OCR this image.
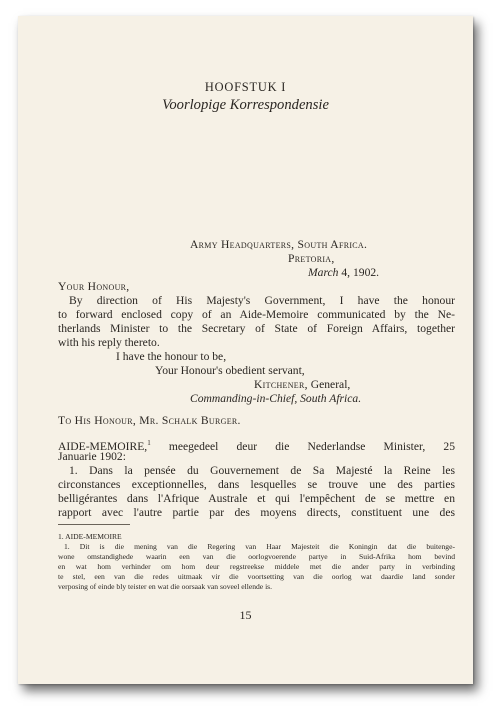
HOOFSTUK I
Voorlopige Korrespondensie
Army Headquarters, South Africa.
Pretoria,
March 4, 1902.
Your Honour,
By direction of His Majesty's Government, I have the honour
to forward enclosed copy of an Aide-Memoire communicated by the Ne-
therlands Minister to the Secretary of State of Foreign Affairs, together
with his reply thereto.
I have the honour to be,
Your Honour's obedient servant,
Kitchener, General,
Commanding-in-Chief, South Africa.
To His Honour, Mr. Schalk Burger.
AIDE-MEMOIRE,$^1$ meegedeel deur die Nederlandse Minister, 25
Januarie 1902:
1. Dans la pensée du Gouvernement de Sa Majesté la Reine les
circonstances exceptionnelles, dans lesquelles se trouve une des parties
belligérantes dans l'Afrique Australe et qui l'empêchent de se mettre en
rapport avec l'autre partie par des moyens directs, constituent une des
1. AIDE-MEMOIRE
1. Dit is die mening van die Regering van Haar Majesteit die Koningin dat die buitenge-
wone omstandighede waarin een van die oorlogvoerende partye in Suid-Afrika hom bevind
en wat hom verhinder om hom deur regstreekse middele met die ander party in verbinding
te stel, een van die redes uitmaak vir die voortsetting van die oorlog wat daardie land sonder
verposing of einde bly teister en wat die oorsaak van soveel ellende is.
15
